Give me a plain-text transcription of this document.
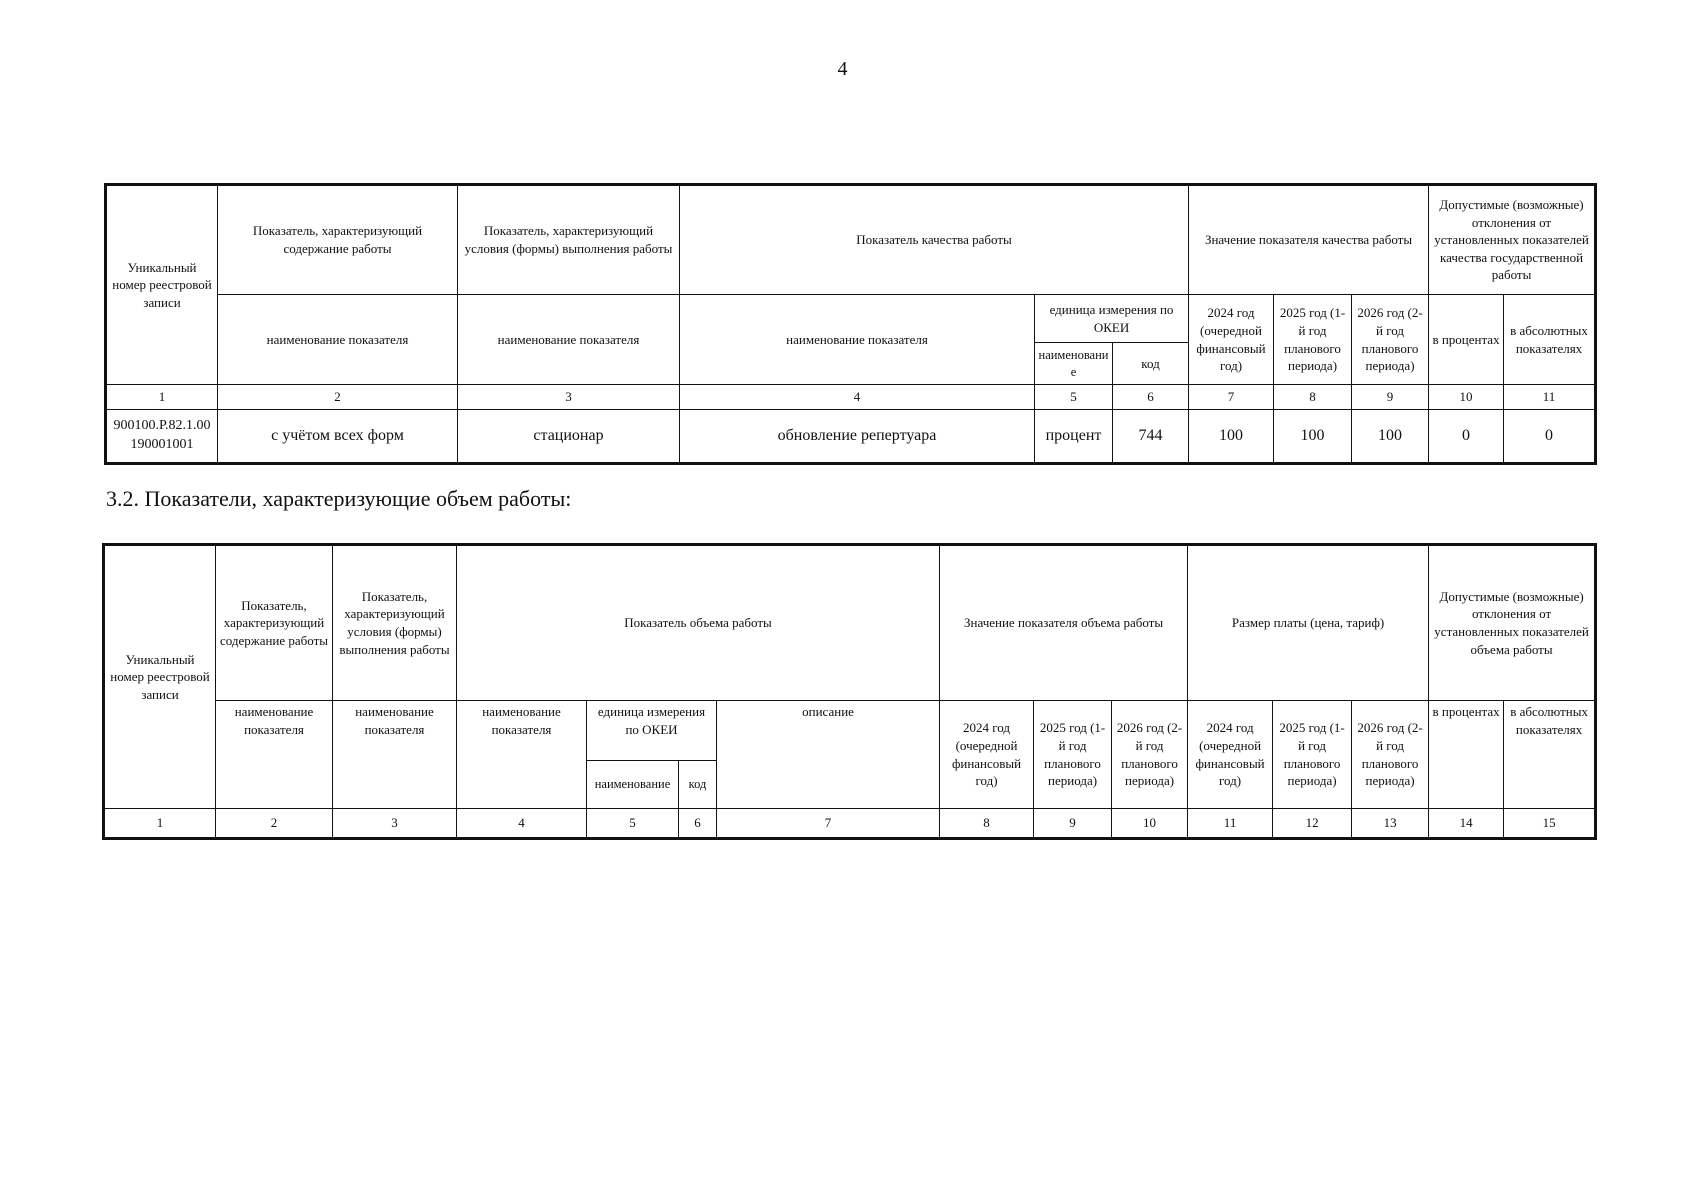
4
Уникальный номер реестровой записи	Показатель, характеризующий содержание работы	Показатель, характеризующий условия (формы) выполнения работы	Показатель качества работы			Значение показателя качества работы			Допустимые (возможные) отклонения от установленных показателей качества государственной работы	
	наименование показателя	наименование показателя	наименование показателя	единица измерения по ОКЕИ		2024 год (очередной финансовый год)	2025 год (1-й год планового периода)	2026 год (2-й год планового периода)	в процентах	в абсолютных показателях
				наименование	код					
1	2	3	4	5	6	7	8	9	10	11
900100.Р.82.1.00190001001	с учётом всех форм	стационар	обновление репертуара	процент	744	100	100	100	0	0
3.2. Показатели, характеризующие объем работы:
Уникальный номер реестровой записи	Показатель, характеризующий содержание работы	Показатель, характеризующий условия (формы) выполнения работы	Показатель объема работы				Значение показателя объема работы			Размер платы (цена, тариф)			Допустимые (возможные) отклонения от установленных показателей объема работы	
	наименование показателя	наименование показателя	наименование показателя	единица измерения по ОКЕИ		описание	2024 год (очередной финансовый год)	2025 год (1-й год планового периода)	2026 год (2-й год планового периода)	2024 год (очередной финансовый год)	2025 год (1-й год планового периода)	2026 год (2-й год планового периода)	в процентах	в абсолютных показателях
				наименование	код									
1	2	3	4	5	6	7	8	9	10	11	12	13	14	15
